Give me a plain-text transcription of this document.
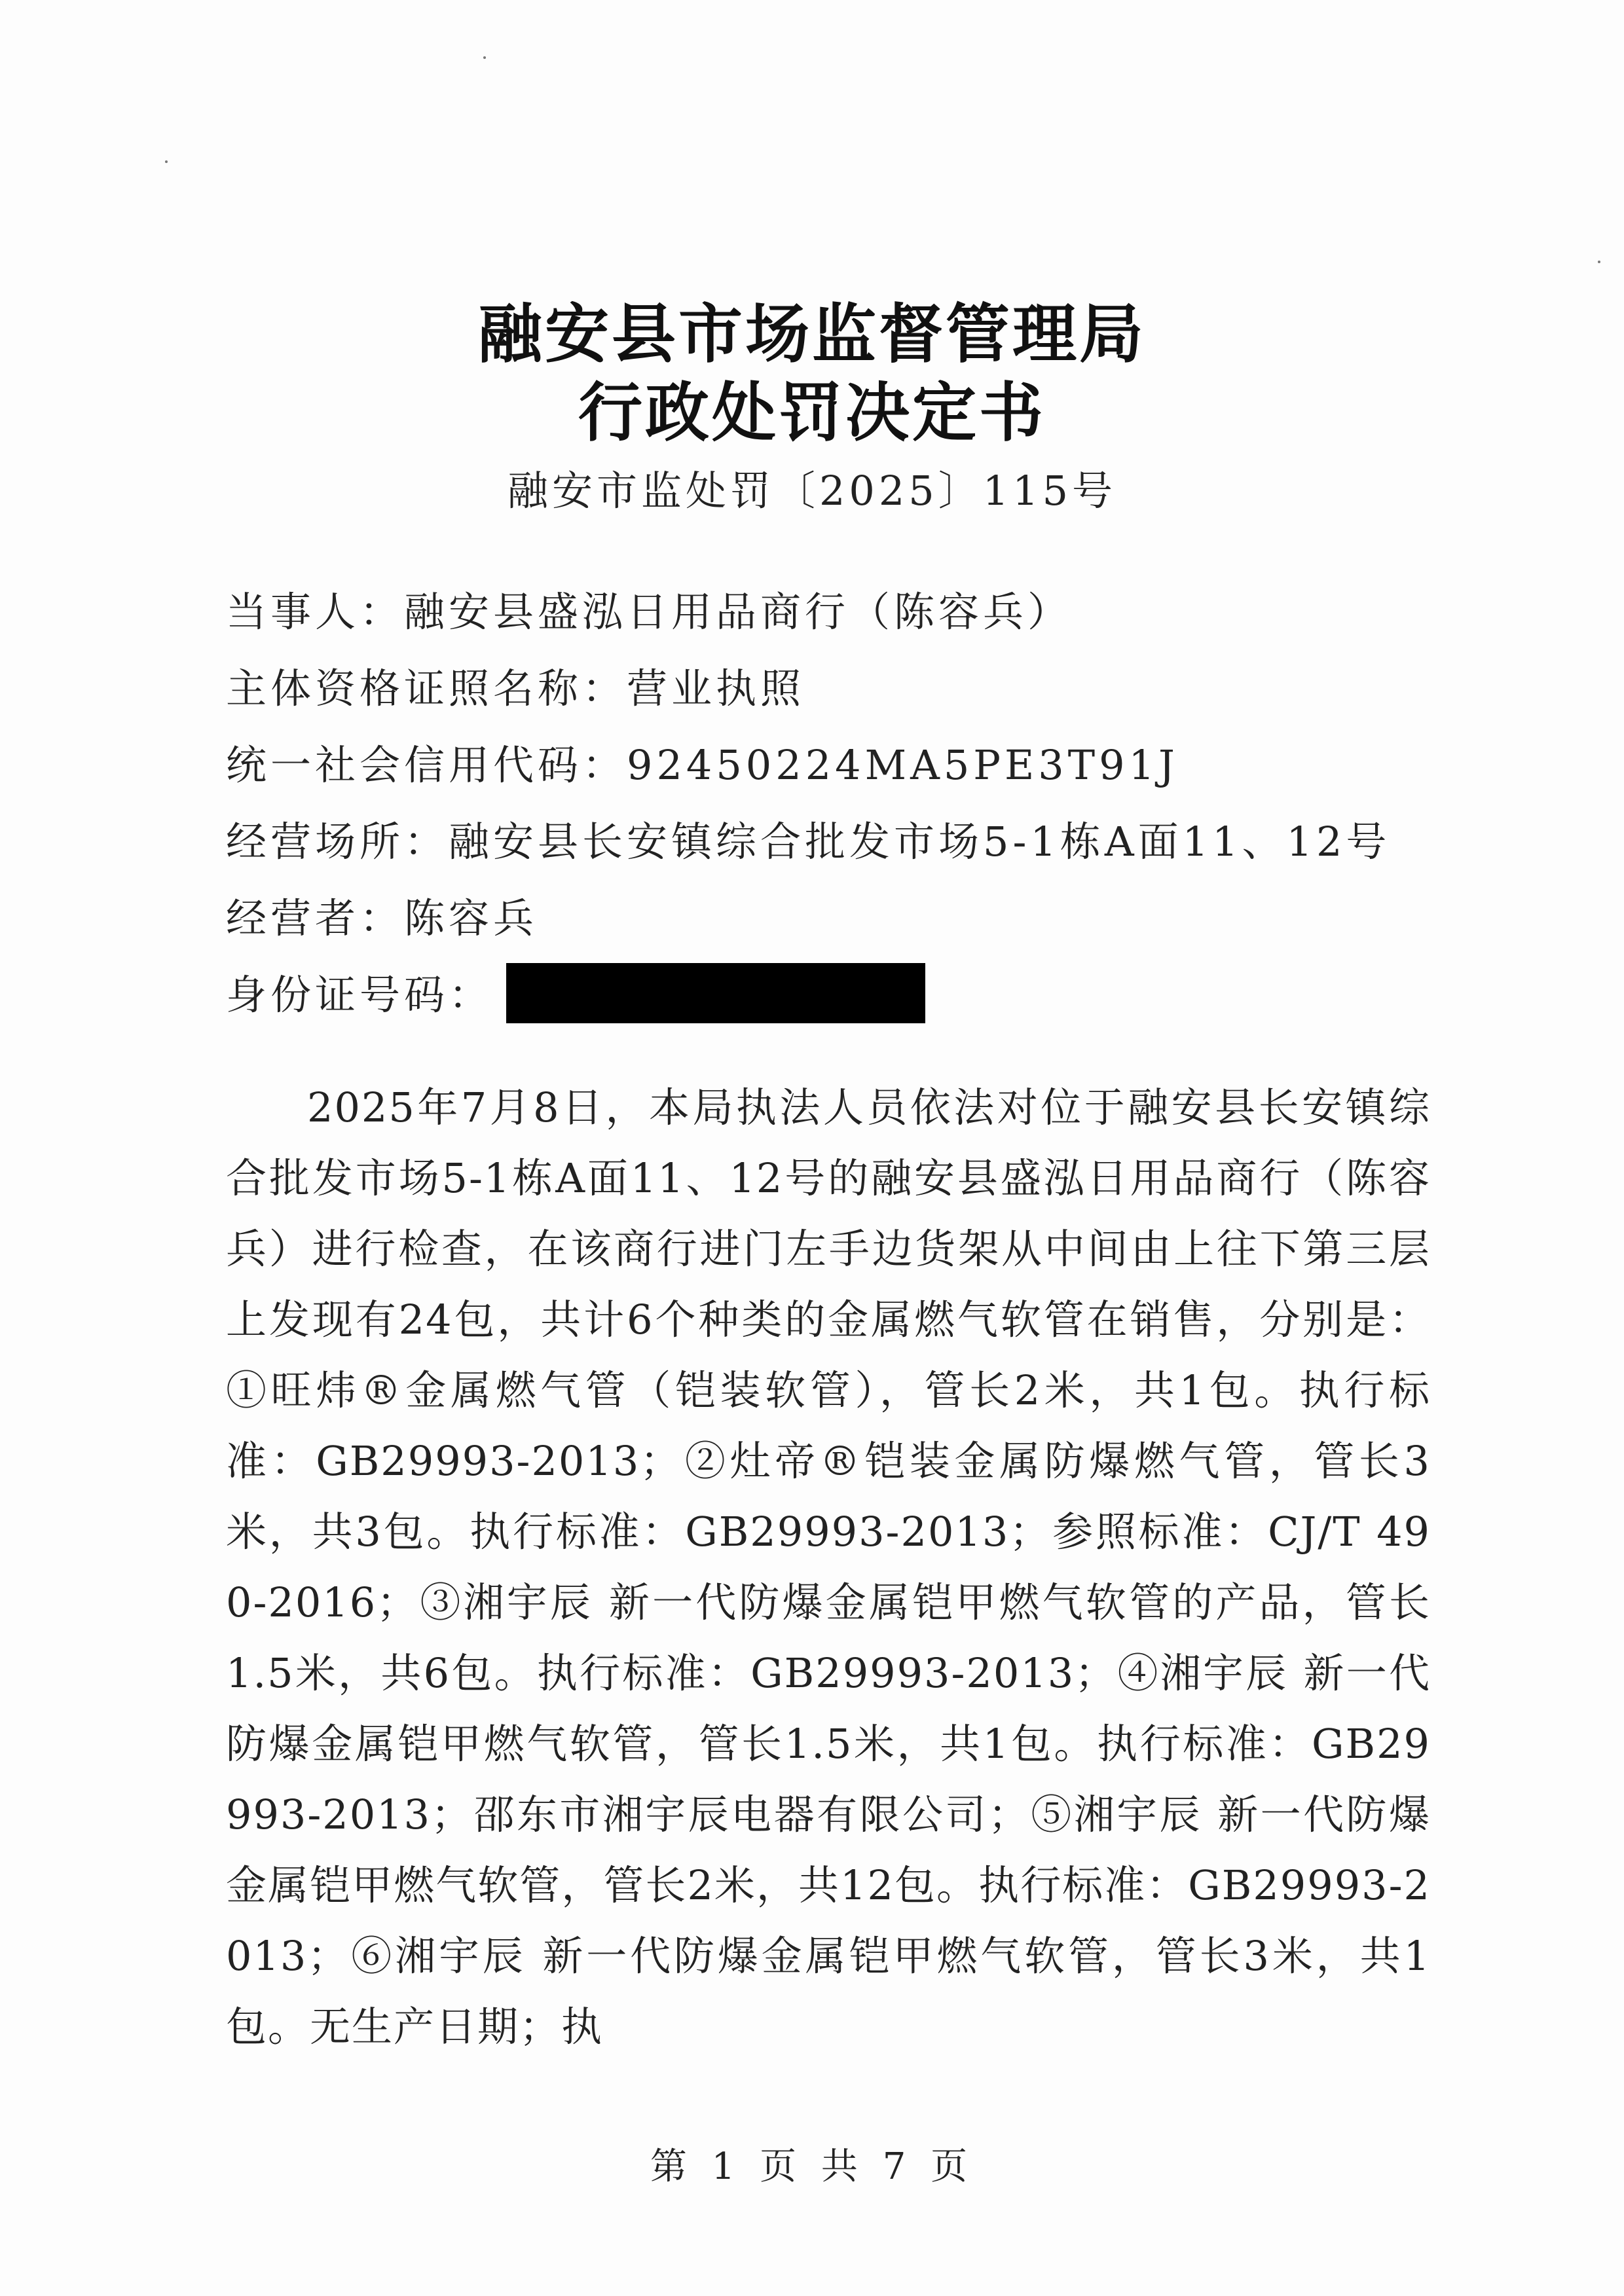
融安县市场监督管理局
行政处罚决定书
融安市监处罚〔2025〕115号
当事人：融安县盛泓日用品商行（陈容兵）
主体资格证照名称：营业执照
统一社会信用代码：92450224MA5PE3T91J
经营场所：融安县长安镇综合批发市场5-1栋A面11、12号
经营者：陈容兵
身份证号码：
2025年7月8日，本局执法人员依法对位于融安县长安镇综合批发市场5-1栋A面11、12号的融安县盛泓日用品商行（陈容兵）进行检查，在该商行进门左手边货架从中间由上往下第三层上发现有24包，共计6个种类的金属燃气软管在销售，分别是：①旺炜®金属燃气管（铠装软管），管长2米，共1包。执行标准：GB29993-2013；②灶帝®铠装金属防爆燃气管，管长3米，共3包。执行标准：GB29993-2013；参照标准：CJ/T 490-2016；③湘宇辰 新一代防爆金属铠甲燃气软管的产品，管长1.5米，共6包。执行标准：GB29993-2013；④湘宇辰 新一代防爆金属铠甲燃气软管，管长1.5米，共1包。执行标准：GB29993-2013；邵东市湘宇辰电器有限公司；⑤湘宇辰 新一代防爆金属铠甲燃气软管，管长2米，共12包。执行标准：GB29993-2013；⑥湘宇辰 新一代防爆金属铠甲燃气软管，管长3米，共1包。无生产日期；执
第 1 页 共 7 页
